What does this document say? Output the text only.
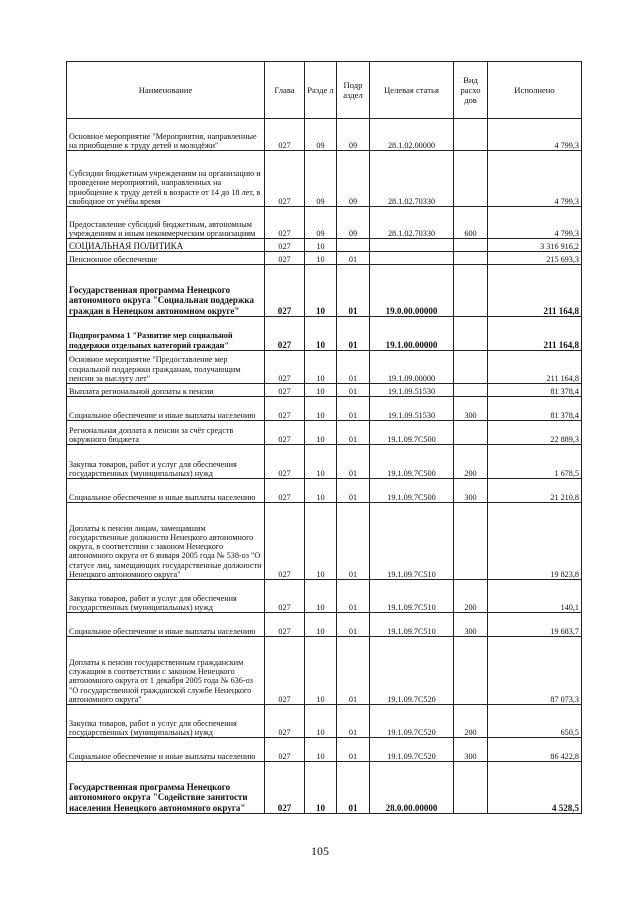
Наименование	Глава	Разде л	Подр аздел	Целевая статья	Вид расхо дов	Исполнено
Основное мероприятие "Мероприятия, направленные на приобщение к труду детей и молодёжи"	027	09	09	28.1.02.00000		4 799,3
Субсидии бюджетным учреждениям на организацию и проведение мероприятий, направленных на приобщение к труду детей в возрасте от 14 до 18 лет, в свободное от учёбы время	027	09	09	28.1.02.70330		4 799,3
Предоставление субсидий бюджетным, автономным учреждениям и иным некоммерческим организациям	027	09	09	28.1.02.70330	600	4 799,3
СОЦИАЛЬНАЯ ПОЛИТИКА	027	10				3 316 916,2
Пенсионное обеспечение	027	10	01			215 693,3
Государственная программа Ненецкого автономного округа "Социальная поддержка граждан в Ненецком автономном округе"	027	10	01	19.0.00.00000		211 164,8
Подпрограмма 1 "Развитие мер социальной поддержки отдельных категорий граждан"	027	10	01	19.1.00.00000		211 164,8
Основное мероприятие "Предоставление мер социальной поддержки гражданам, получающим пенсии за выслугу лет"	027	10	01	19.1.09.00000		211 164,8
Выплата региональной доплаты к пенсии	027	10	01	19.1.09.51530		81 378,4
Социальное обеспечение и иные выплаты населению	027	10	01	19.1.09.51530	300	81 378,4
Региональная доплата к пенсии за счёт средств окружного бюджета	027	10	01	19.1.09.7С500		22 889,3
Закупка товаров, работ и услуг для обеспечения государственных (муниципальных) нужд	027	10	01	19.1.09.7С500	200	1 678,5
Социальное обеспечение и иные выплаты населению	027	10	01	19.1.09.7С500	300	21 210,8
Доплаты к пенсии лицам, замещавшим государственные должности Ненецкого автономного округа, в соответствии с законом Ненецкого автономного округа от 6 января 2005 года № 538-оз "О статусе лиц, замещающих государственные должности Ненецкого автономного округа"	027	10	01	19.1.09.7С510		19 823,8
Закупка товаров, работ и услуг для обеспечения государственных (муниципальных) нужд	027	10	01	19.1.09.7С510	200	140,1
Социальное обеспечение и иные выплаты населению	027	10	01	19.1.09.7С510	300	19 683,7
Доплаты к пенсии государственным гражданским служащим в соответствии с законом Ненецкого автономного округа от 1 декабря 2005 года № 636-оз "О государственной гражданской службе Ненецкого автономного округа"	027	10	01	19.1.09.7С520		87 073,3
Закупка товаров, работ и услуг для обеспечения государственных (муниципальных) нужд	027	10	01	19.1.09.7С520	200	650,5
Социальное обеспечение и иные выплаты населению	027	10	01	19.1.09.7С520	300	86 422,8
Государственная программа Ненецкого автономного округа "Содействие занятости населения Ненецкого автономного округа"	027	10	01	28.0.00.00000		4 528,5
105
